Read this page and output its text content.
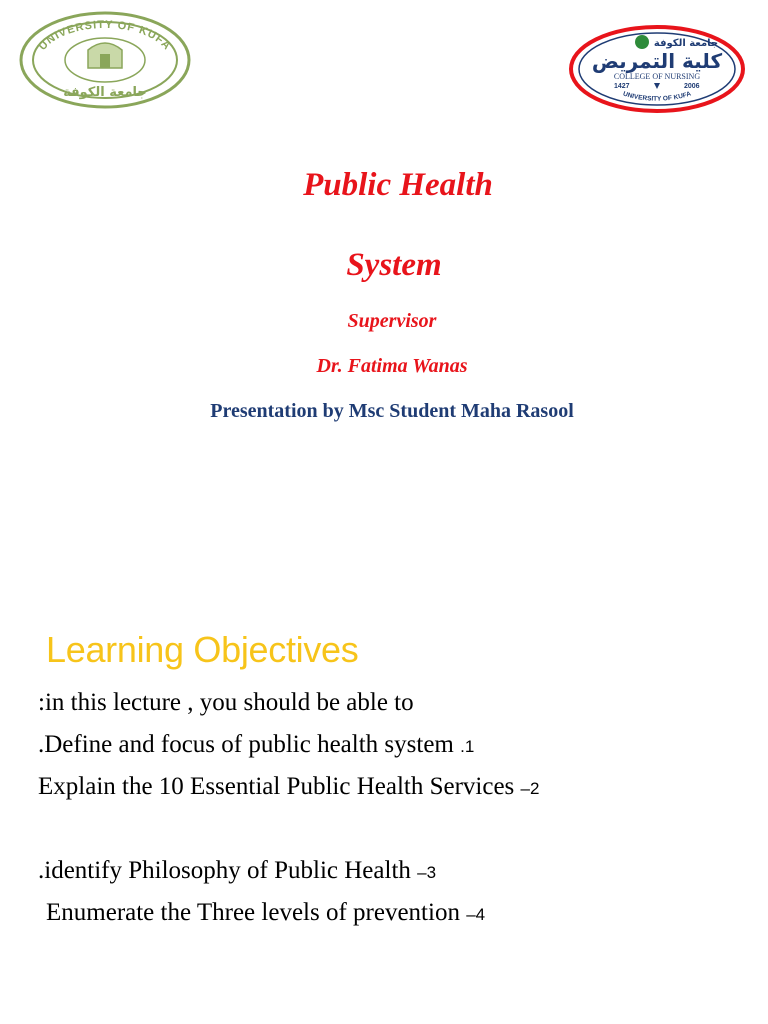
UNIVERSITY OF KUFA
جامعة الكوفة
جامعة الكوفة
كلية التمريض
COLLEGE OF NURSING
1427	2006
UNIVERSITY OF KUFA
Public Health
System
Supervisor
Dr. Fatima Wanas
Presentation by Msc Student Maha Rasool
Learning Objectives
:in this lecture , you should be able to
.Define and focus of public health system .1
Explain the 10 Essential Public Health Services –2
.identify Philosophy of Public Health –3
Enumerate the Three levels of prevention –4
